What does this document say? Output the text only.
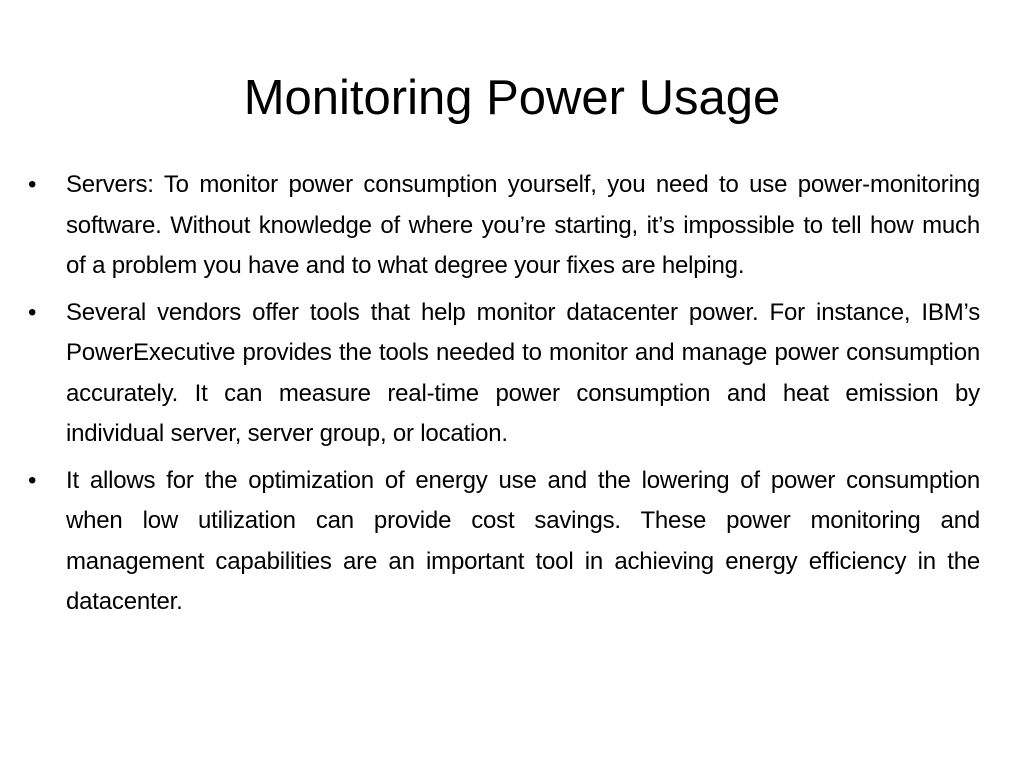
Monitoring Power Usage
• Servers: To monitor power consumption yourself, you need to use power-monitoring software. Without knowledge of where you’re starting, it’s impossible to tell how much of a problem you have and to what degree your fixes are helping.
• Several vendors offer tools that help monitor datacenter power. For instance, IBM’s PowerExecutive provides the tools needed to monitor and manage power consumption accurately. It can measure real-time power consumption and heat emission by individual server, server group, or location.
• It allows for the optimization of energy use and the lowering of power consumption when low utilization can provide cost savings. These power monitoring and management capabilities are an important tool in achieving energy efficiency in the datacenter.
